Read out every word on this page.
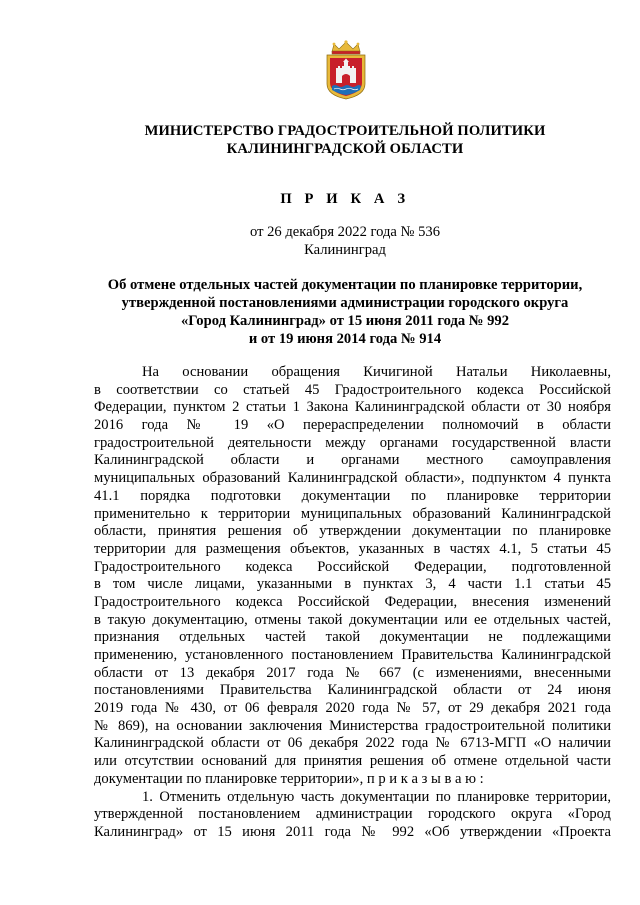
МИНИСТЕРСТВО ГРАДОСТРОИТЕЛЬНОЙ ПОЛИТИКИ
КАЛИНИНГРАДСКОЙ ОБЛАСТИ
П Р И К А З
от 26 декабря 2022 года № 536
Калининград
Об отмене отдельных частей документации по планировке территории,
утвержденной постановлениями администрации городского округа
«Город Калининград» от 15 июня 2011 года № 992
и от 19 июня 2014 года № 914
На основании обращения Кичигиной Натальи Николаевны,
в соответствии со статьей 45 Градостроительного кодекса Российской
Федерации, пунктом 2 статьи 1 Закона Калининградской области от 30 ноября
2016 года № 19 «О перераспределении полномочий в области
градостроительной деятельности между органами государственной власти
Калининградской области и органами местного самоуправления
муниципальных образований Калининградской области», подпунктом 4 пункта
41.1 порядка подготовки документации по планировке территории
применительно к территории муниципальных образований Калининградской
области, принятия решения об утверждении документации по планировке
территории для размещения объектов, указанных в частях 4.1, 5 статьи 45
Градостроительного кодекса Российской Федерации, подготовленной
в том числе лицами, указанными в пунктах 3, 4 части 1.1 статьи 45
Градостроительного кодекса Российской Федерации, внесения изменений
в такую документацию, отмены такой документации или ее отдельных частей,
признания отдельных частей такой документации не подлежащими
применению, установленного постановлением Правительства Калининградской
области от 13 декабря 2017 года № 667 (с изменениями, внесенными
постановлениями Правительства Калининградской области от 24 июня
2019 года № 430, от 06 февраля 2020 года № 57, от 29 декабря 2021 года
№ 869), на основании заключения Министерства градостроительной политики
Калининградской области от 06 декабря 2022 года № 6713-МГП «О наличии
или отсутствии оснований для принятия решения об отмене отдельной части
документации по планировке территории», п р и к а з ы в а ю :
1. Отменить отдельную часть документации по планировке территории,
утвержденной постановлением администрации городского округа «Город
Калининград» от 15 июня 2011 года № 992 «Об утверждении «Проекта
